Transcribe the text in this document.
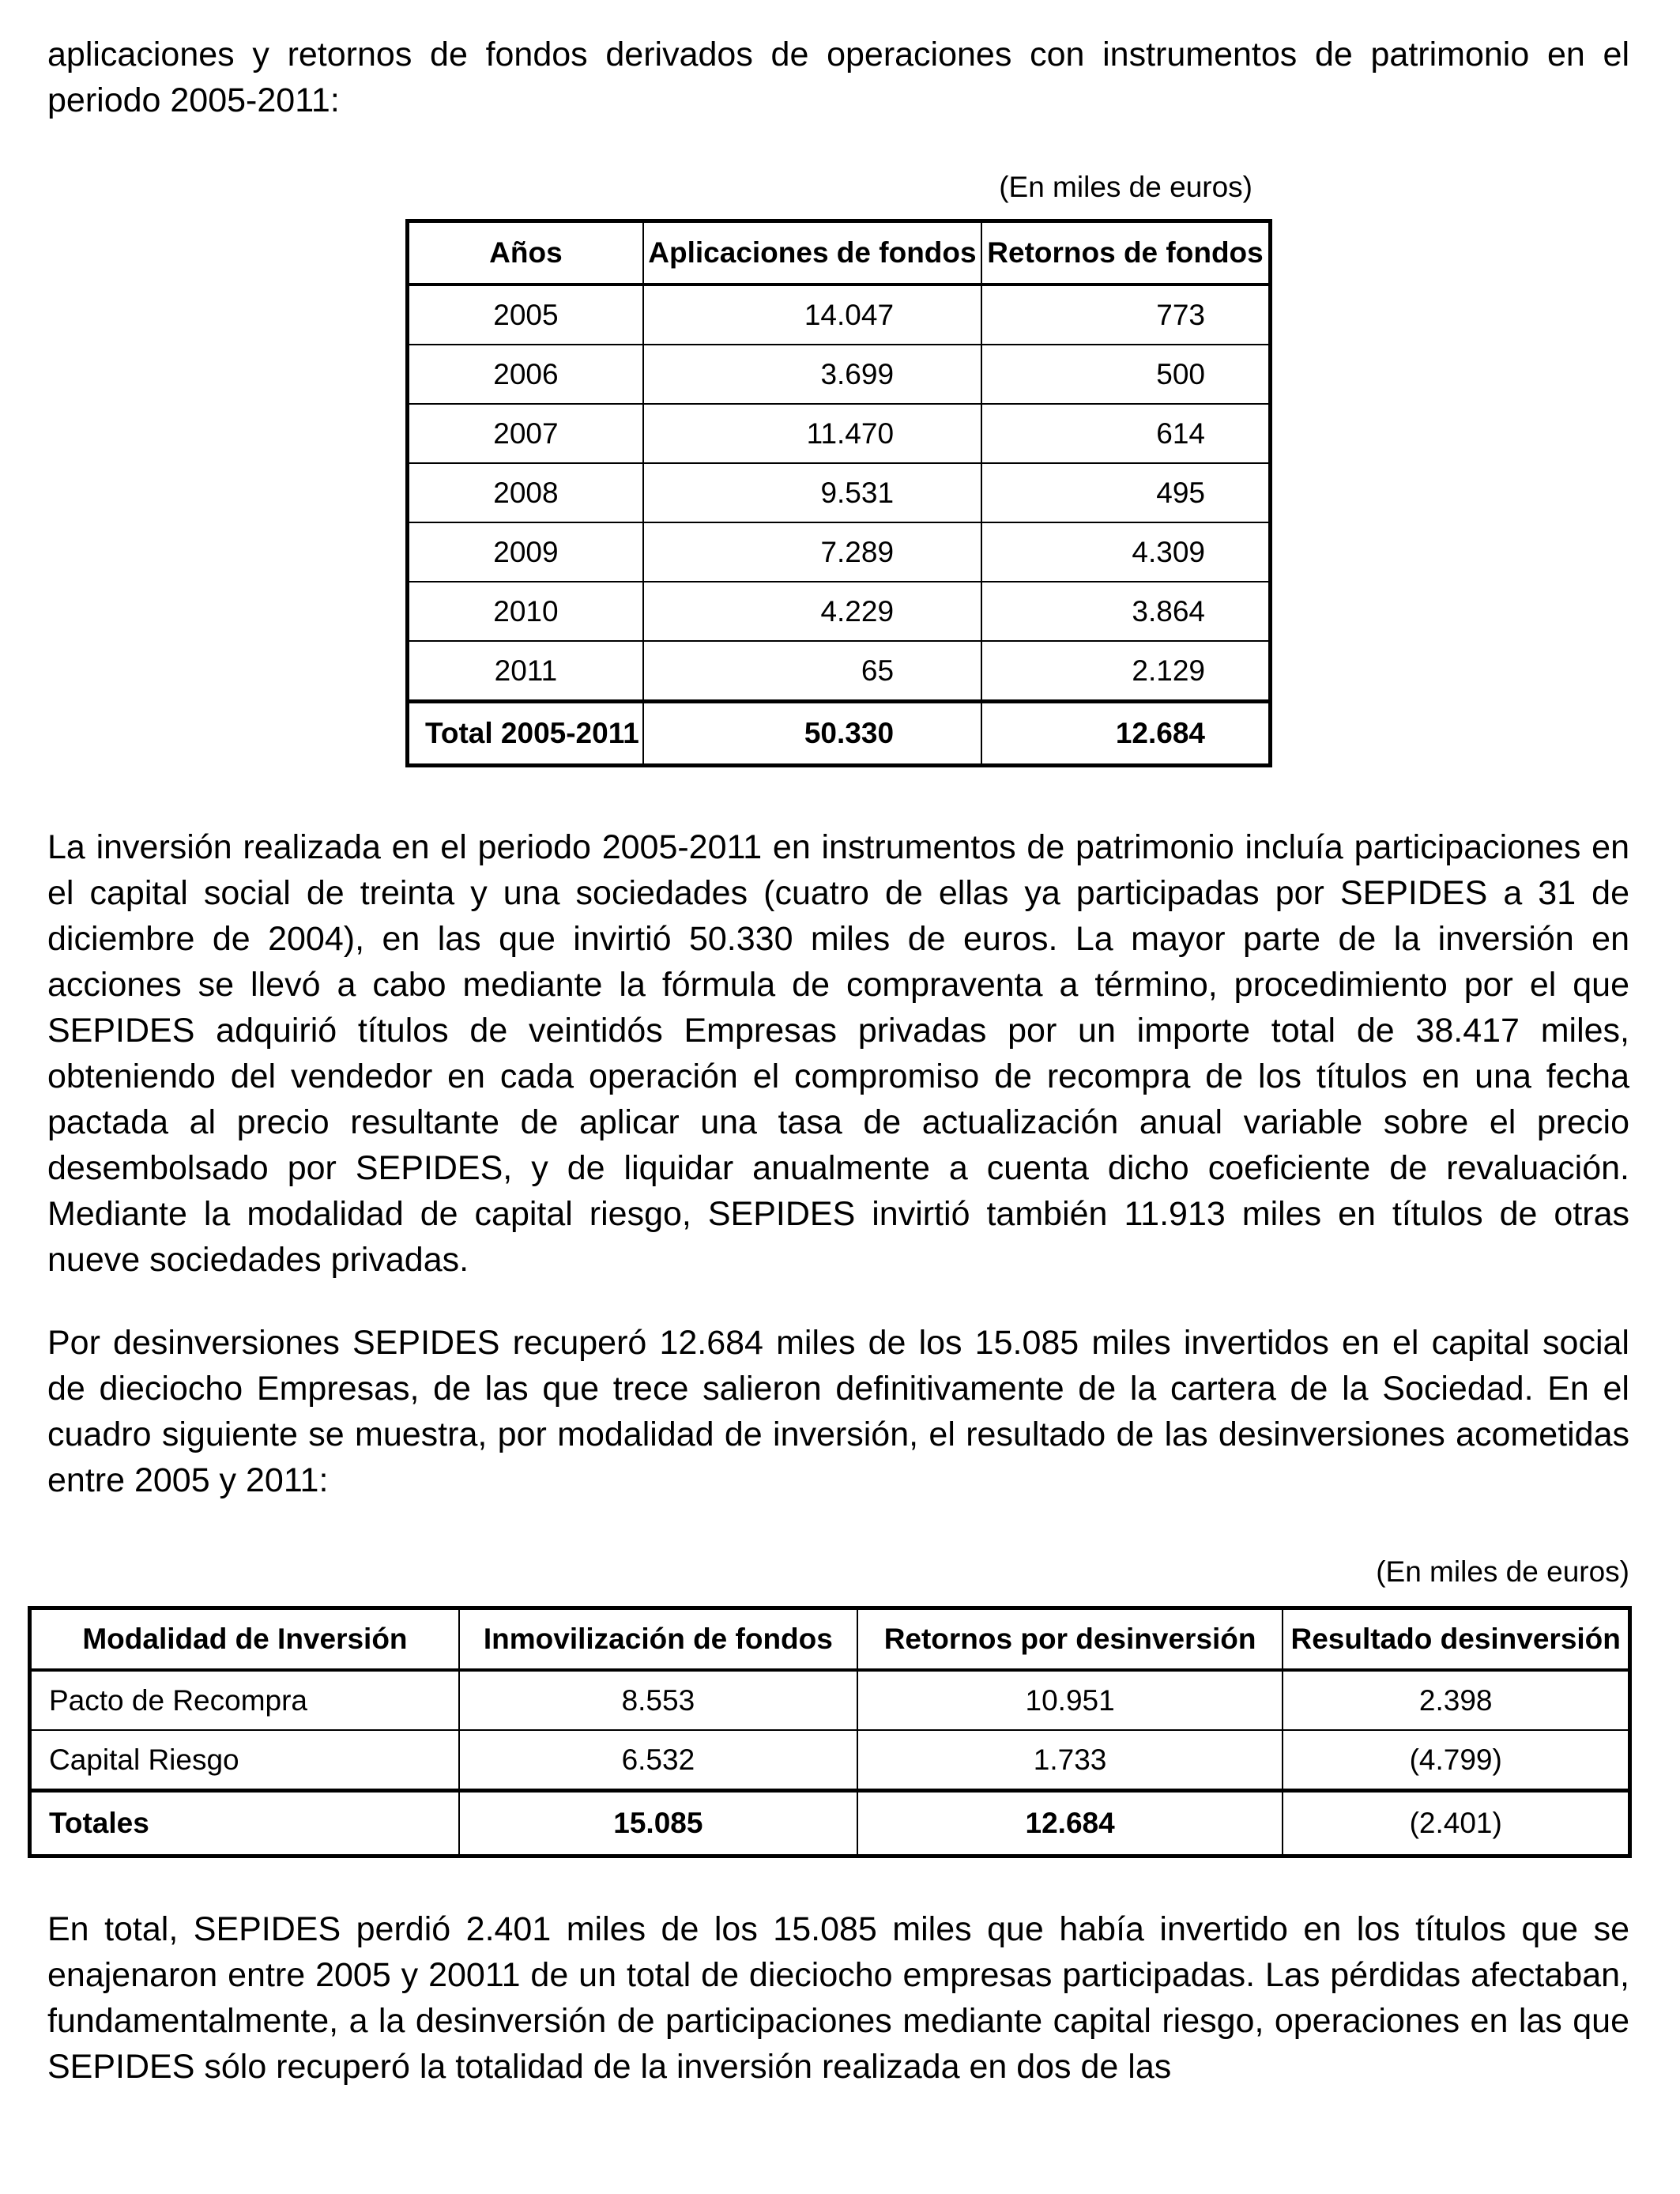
aplicaciones y retornos de fondos derivados de operaciones con instrumentos de patrimonio en el periodo 2005-2011:

(En miles de euros)
Años	Aplicaciones de fondos	Retornos de fondos
2005	14.047	773
2006	3.699	500
2007	11.470	614
2008	9.531	495
2009	7.289	4.309
2010	4.229	3.864
2011	65	2.129
Total 2005-2011	50.330	12.684

La inversión realizada en el periodo 2005-2011 en instrumentos de patrimonio incluía participaciones en el capital social de treinta y una sociedades (cuatro de ellas ya participadas por SEPIDES a 31 de diciembre de 2004), en las que invirtió 50.330 miles de euros. La mayor parte de la inversión en acciones se llevó a cabo mediante la fórmula de compraventa a término, procedimiento por el que SEPIDES adquirió títulos de veintidós Empresas privadas por un importe total de 38.417 miles, obteniendo del vendedor en cada operación el compromiso de recompra de los títulos en una fecha pactada al precio resultante de aplicar una tasa de actualización anual variable sobre el precio desembolsado por SEPIDES, y de liquidar anualmente a cuenta dicho coeficiente de revaluación. Mediante la modalidad de capital riesgo, SEPIDES invirtió también 11.913 miles en títulos de otras nueve sociedades privadas.

Por desinversiones SEPIDES recuperó 12.684 miles de los 15.085 miles invertidos en el capital social de dieciocho Empresas, de las que trece salieron definitivamente de la cartera de la Sociedad. En el cuadro siguiente se muestra, por modalidad de inversión, el resultado de las desinversiones acometidas entre 2005 y 2011:

(En miles de euros)
Modalidad de Inversión	Inmovilización de fondos	Retornos por desinversión	Resultado desinversión
Pacto de Recompra	8.553	10.951	2.398
Capital Riesgo	6.532	1.733	(4.799)
Totales	15.085	12.684	(2.401)

En total, SEPIDES perdió 2.401 miles de los 15.085 miles que había invertido en los títulos que se enajenaron entre 2005 y 20011 de un total de dieciocho empresas participadas. Las pérdidas afectaban, fundamentalmente, a la desinversión de participaciones mediante capital riesgo, operaciones en las que SEPIDES sólo recuperó la totalidad de la inversión realizada en dos de las
